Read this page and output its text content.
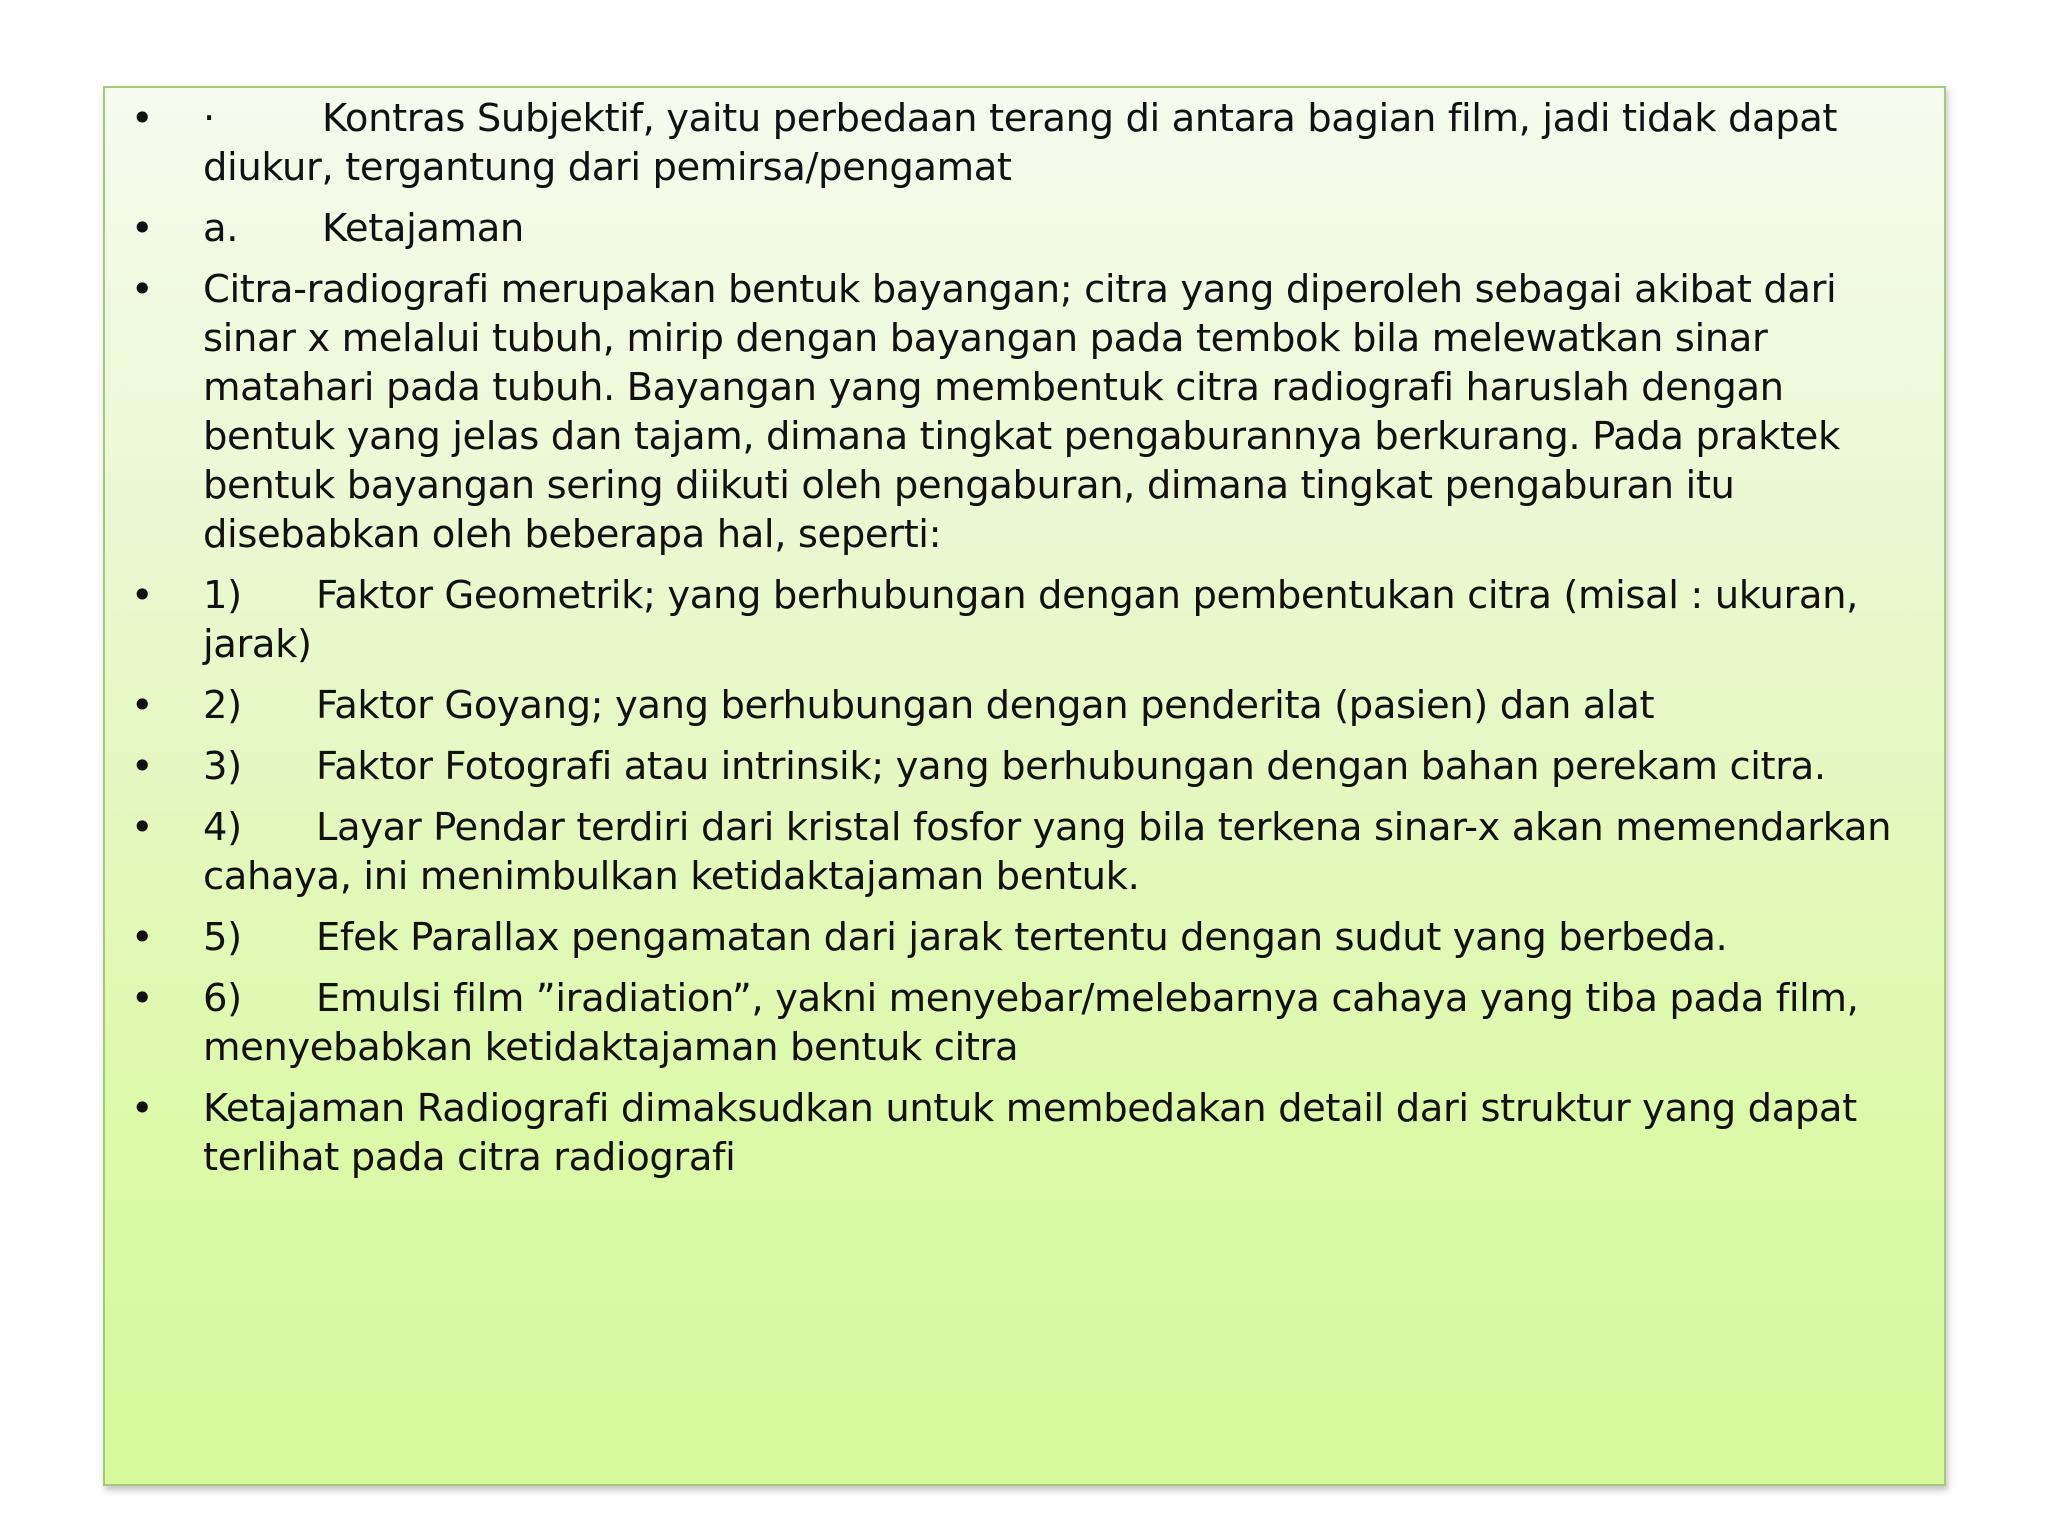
• ·	Kontras Subjektif, yaitu perbedaan terang di antara bagian film, jadi tidak dapat diukur, tergantung dari pemirsa/pengamat
• a. Ketajaman
• Citra-radiografi merupakan bentuk bayangan; citra yang diperoleh sebagai akibat dari sinar x melalui tubuh, mirip dengan bayangan pada tembok bila melewatkan sinar matahari pada tubuh. Bayangan yang membentuk citra radiografi haruslah dengan bentuk yang jelas dan tajam, dimana tingkat pengaburannya berkurang. Pada praktek bentuk bayangan sering diikuti oleh pengaburan, dimana tingkat pengaburan itu disebabkan oleh beberapa hal, seperti:
• 1) Faktor Geometrik; yang berhubungan dengan pembentukan citra (misal : ukuran, jarak)
• 2) Faktor Goyang; yang berhubungan dengan penderita (pasien) dan alat
• 3) Faktor Fotografi atau intrinsik; yang berhubungan dengan bahan perekam citra.
• 4) Layar Pendar terdiri dari kristal fosfor yang bila terkena sinar-x akan memendarkan cahaya, ini menimbulkan ketidaktajaman bentuk.
• 5) Efek Parallax pengamatan dari jarak tertentu dengan sudut yang berbeda.
• 6) Emulsi film ”iradiation”, yakni menyebar/melebarnya cahaya yang tiba pada film, menyebabkan ketidaktajaman bentuk citra
• Ketajaman Radiografi dimaksudkan untuk membedakan detail dari struktur yang dapat terlihat pada citra radiografi
